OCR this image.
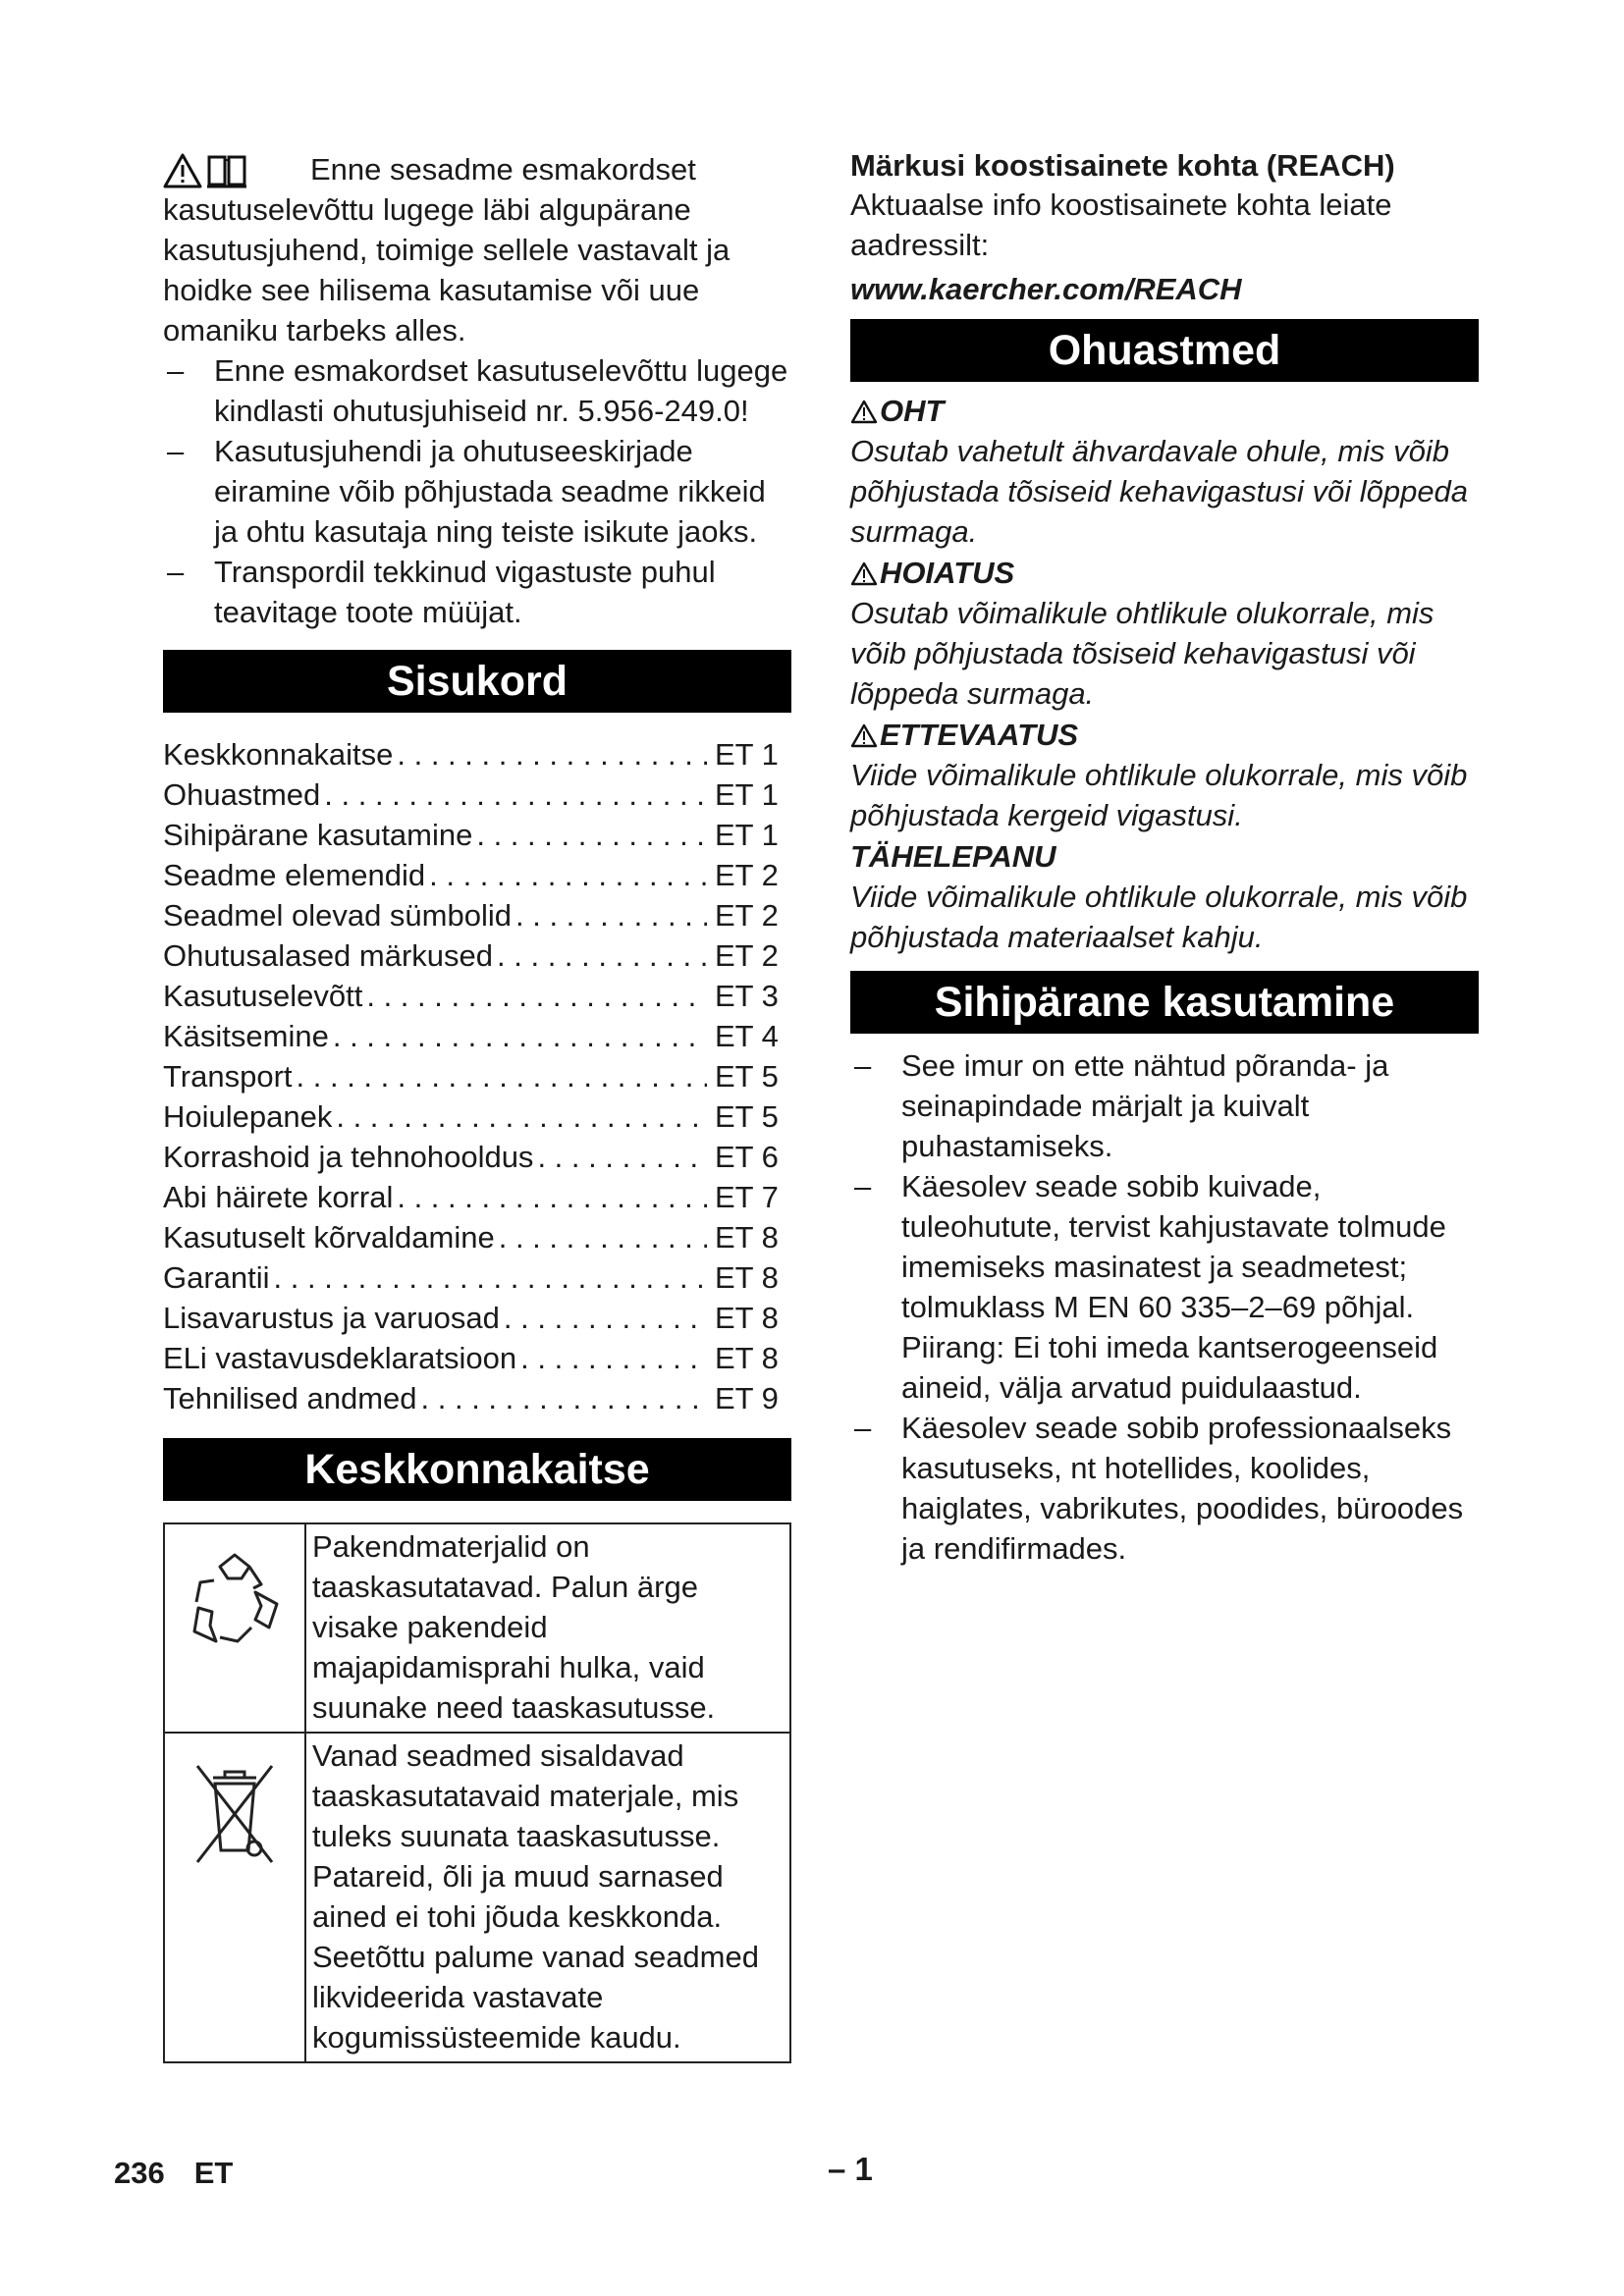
Enne sesadme esmakordset kasutuselevõttu lugege läbi algupärane kasutusjuhend, toimige sellele vastavalt ja hoidke see hilisema kasutamise või uue omaniku tarbeks alles.

– Enne esmakordset kasutuselevõttu lugege kindlasti ohutusjuhiseid nr. 5.956-249.0!
– Kasutusjuhendi ja ohutuseeskirjade eiramine võib põhjustada seadme rikkeid ja ohtu kasutaja ning teiste isikute jaoks.
– Transpordil tekkinud vigastuste puhul teavitage toote müüjat.
Sisukord
Keskkonnakaitse . . .	ET 1
Ohuastmed . . .	ET 1
Sihipärane kasutamine . . .	ET 1
Seadme elemendid . . .	ET 2
Seadmel olevad sümbolid . . .	ET 2
Ohutusalased märkused . . .	ET 2
Kasutuselevõtt . . .	ET 3
Käsitsemine . . .	ET 4
Transport . . .	ET 5
Hoiulepanek . . .	ET 5
Korrashoid ja tehnohooldus . . .	ET 6
Abi häirete korral . . .	ET 7
Kasutuselt kõrvaldamine . . .	ET 8
Garantii . . .	ET 8
Lisavarustus ja varuosad . . .	ET 8
ELi vastavusdeklaratsioon . . .	ET 8
Tehnilised andmed . . .	ET 9
Keskkonnakaitse
	Pakendmaterjalid on taaskasutatavad. Palun ärge visake pakendeid majapidamisprahi hulka, vaid suunake need taaskasutusse.
	Vanad seadmed sisaldavad taaskasutatavaid materjale, mis tuleks suunata taaskasutusse. Patareid, õli ja muud sarnased ained ei tohi jõuda keskkonda. Seetõttu palume vanad seadmed likvideerida vastavate kogumissüsteemide kaudu.

Märkusi koostisainete kohta (REACH)

Aktuaalse info koostisainete kohta leiate aadressilt:

www.kaercher.com/REACH

Ohuastmed
OHT

Osutab vahetult ähvardavale ohule, mis võib põhjustada tõsiseid kehavigastusi või lõppeda surmaga.

HOIATUS

Osutab võimalikule ohtlikule olukorrale, mis võib põhjustada tõsiseid kehavigastusi või lõppeda surmaga.

ETTEVAATUS

Viide võimalikule ohtlikule olukorrale, mis võib põhjustada kergeid vigastusi.

TÄHELEPANU

Viide võimalikule ohtlikule olukorrale, mis võib põhjustada materiaalset kahju.

Sihipärane kasutamine
– See imur on ette nähtud põranda- ja seinapindade märjalt ja kuivalt puhastamiseks.
– Käesolev seade sobib kuivade, tuleohutute, tervist kahjustavate tolmude imemiseks masinatest ja seadmetest; tolmuklass M EN 60 335–2–69 põhjal. Piirang: Ei tohi imeda kantserogeenseid aineid, välja arvatud puidulaastud.
– Käesolev seade sobib professionaalseks kasutuseks, nt hotellides, koolides, haiglates, vabrikutes, poodides, büroodes ja rendifirmades.
236 ET	– 1
